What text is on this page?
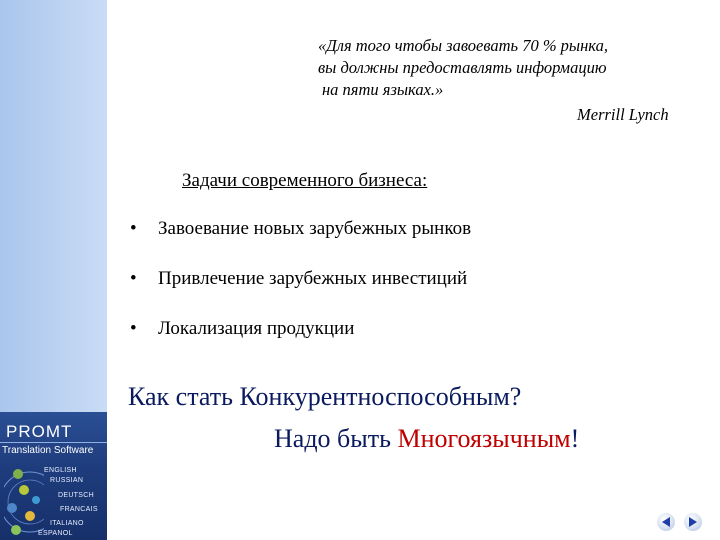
PROMT
Translation Software
ENGLISH
RUSSIAN
DEUTSCH
FRANCAIS
ITALIANO
ESPANOL
«Для того чтобы завоевать 70 % рынка,
вы должны предоставлять информацию
на пяти языках.»
Merrill Lynch
Задачи современного бизнеса:
• Завоевание новых зарубежных рынков
• Привлечение зарубежных инвестиций
• Локализация продукции
Как стать Конкурентноспособным?
Надо быть Многоязычным!
